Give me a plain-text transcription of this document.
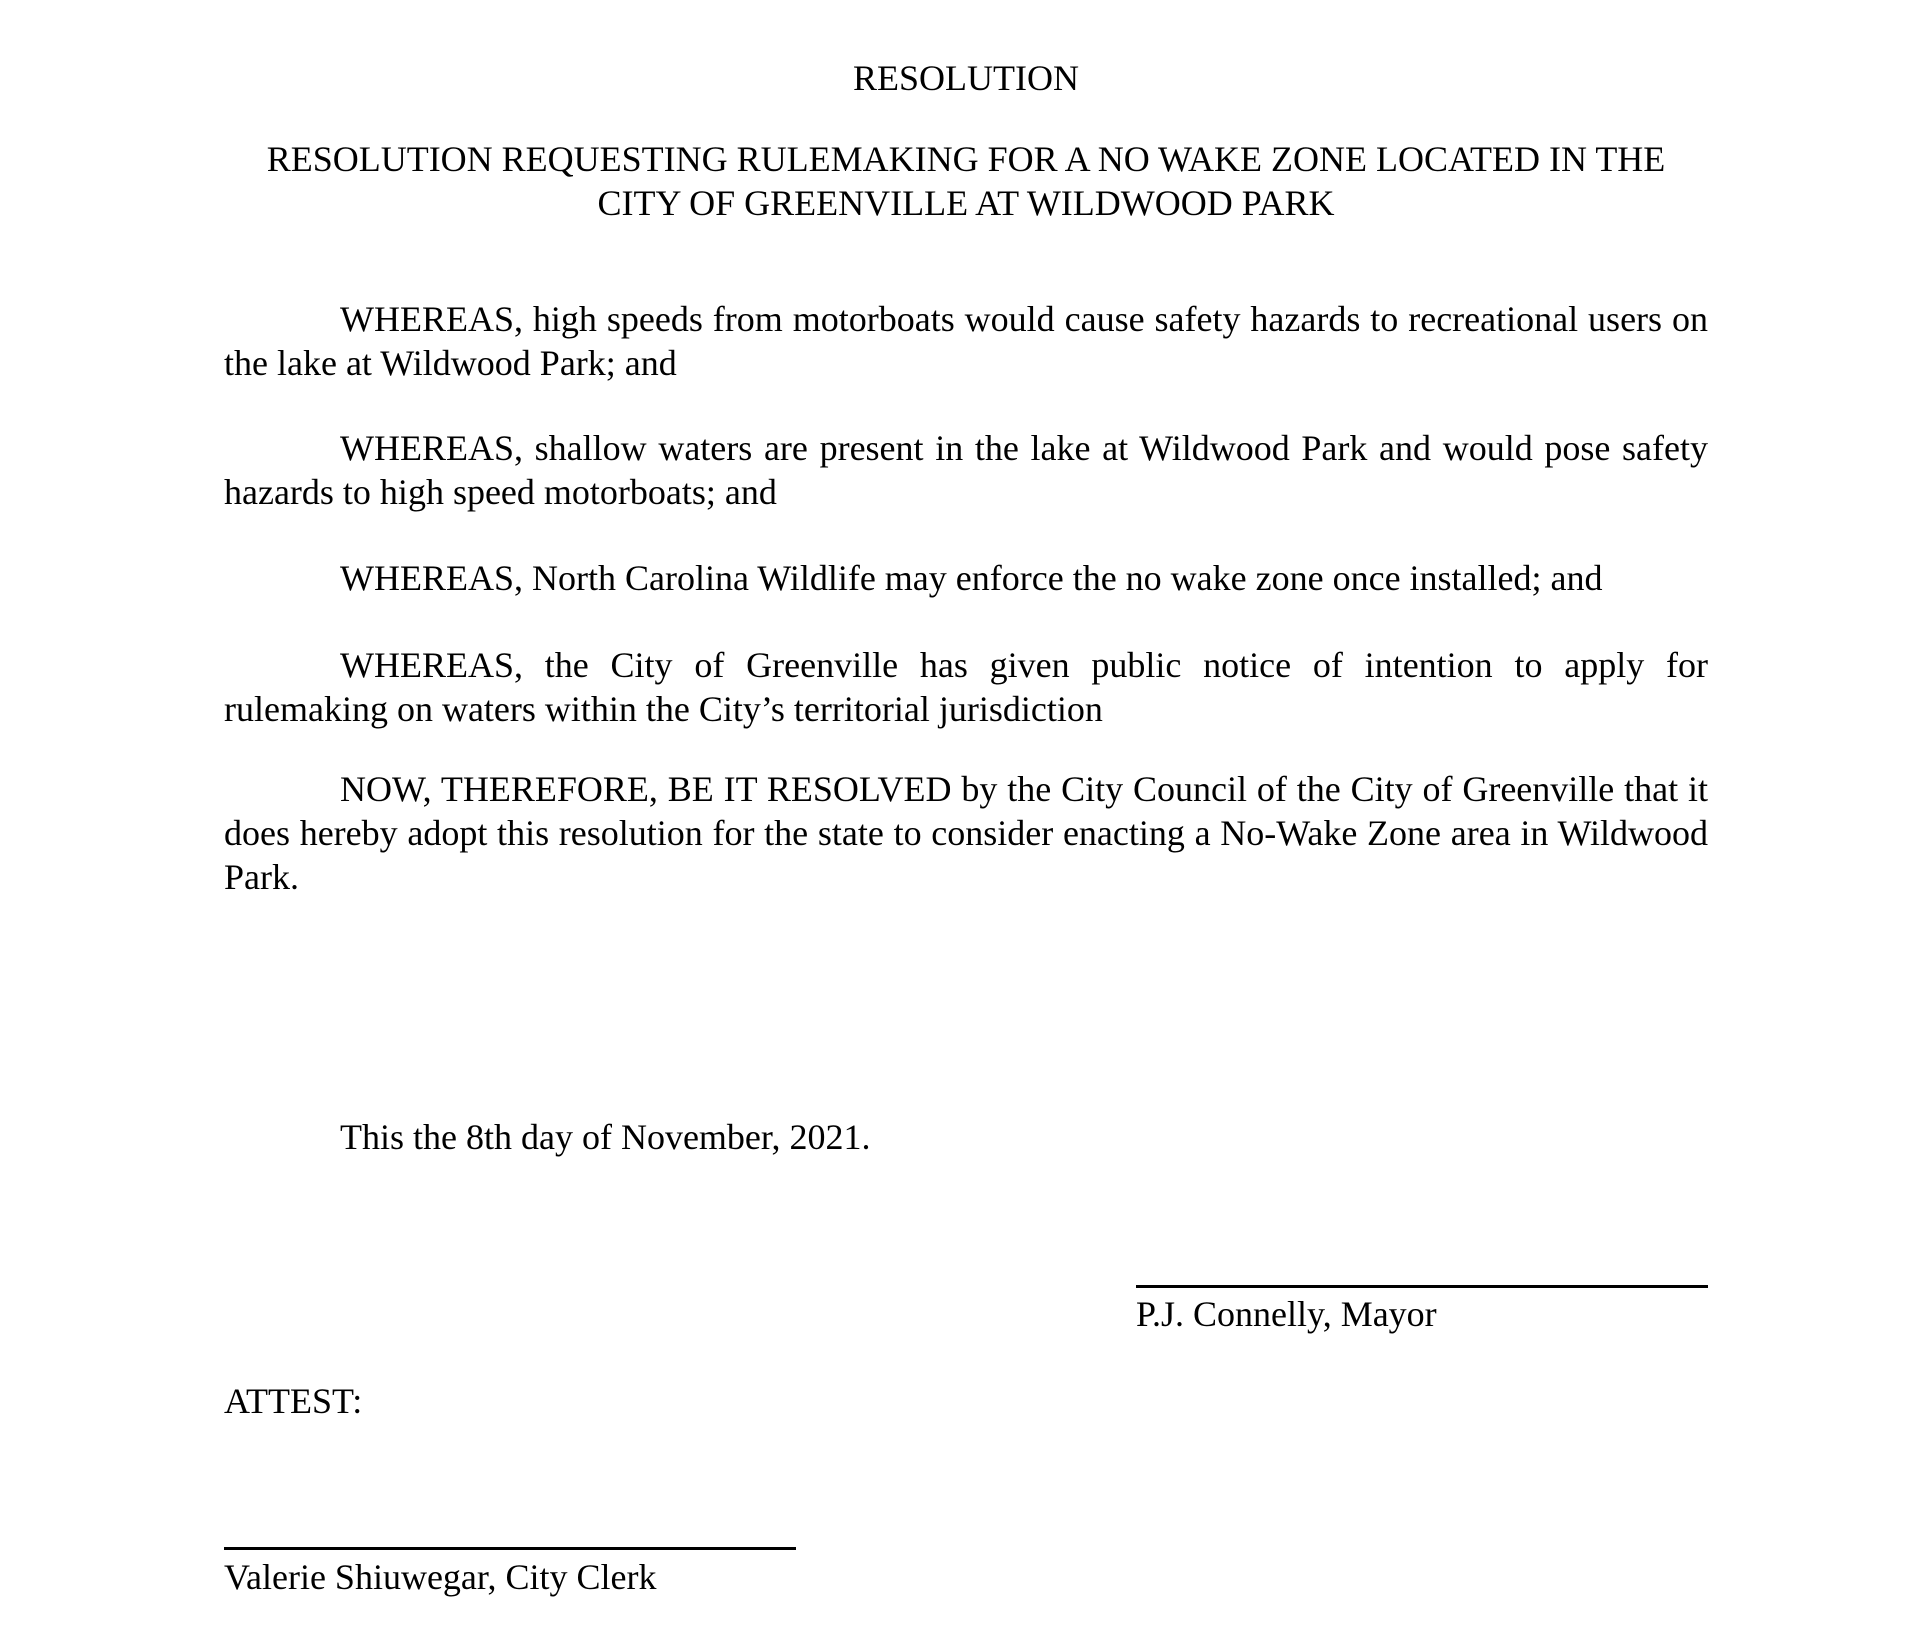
RESOLUTION
RESOLUTION REQUESTING RULEMAKING FOR A NO WAKE ZONE LOCATED IN THE CITY OF GREENVILLE AT WILDWOOD PARK

WHEREAS, high speeds from motorboats would cause safety hazards to recreational users on the lake at Wildwood Park; and

WHEREAS, shallow waters are present in the lake at Wildwood Park and would pose safety hazards to high speed motorboats; and

WHEREAS, North Carolina Wildlife may enforce the no wake zone once installed; and

WHEREAS, the City of Greenville has given public notice of intention to apply for rulemaking on waters within the City’s territorial jurisdiction

NOW, THEREFORE, BE IT RESOLVED by the City Council of the City of Greenville that it does hereby adopt this resolution for the state to consider enacting a No-Wake Zone area in Wildwood Park.

This the 8th day of November, 2021.
P.J. Connelly, Mayor
ATTEST:
Valerie Shiuwegar, City Clerk
